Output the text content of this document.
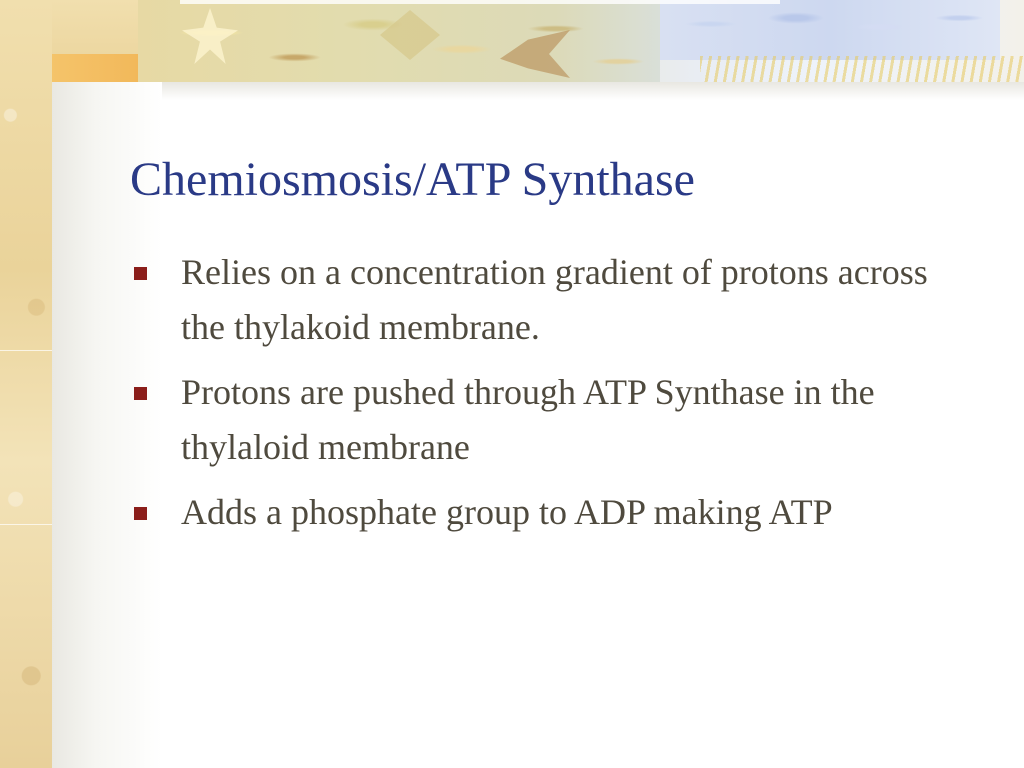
Chemiosmosis/ATP Synthase
Relies on a concentration gradient of protons across the thylakoid membrane.
Protons are pushed through ATP Synthase in the thylaloid membrane
Adds a phosphate group to ADP making ATP
